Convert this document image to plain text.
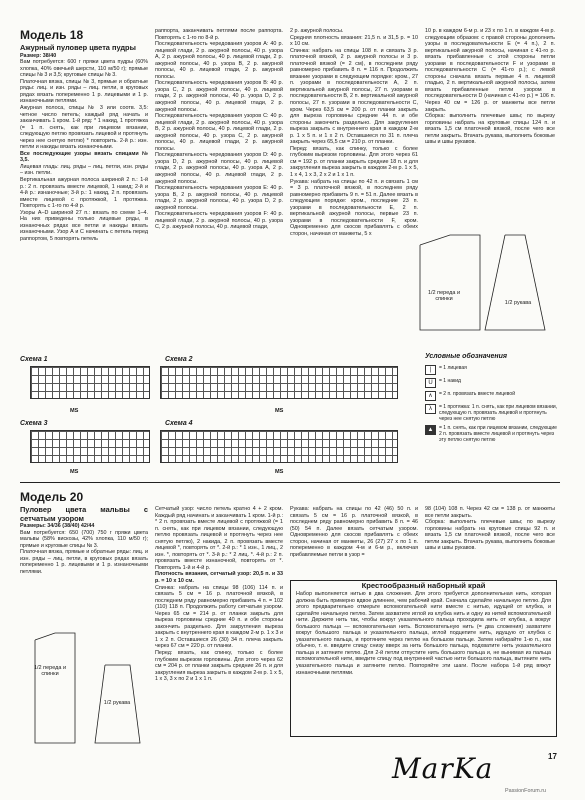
Модель 18
Ажурный пуловер цвета пудры

Размер: 38/40

Вам потребуется: 600 г пряжи цвета пудры (60% хлопка, 40% овечьей шерсти, 110 м/50 г); прямые спицы № 3 и 3,5; круговые спицы № 3.

Платочная вязка, спицы № 3, прямые и обратные ряды: лиц. и изн. ряды – лиц. петли, в круговых рядах вязать попеременно 1 р. лицевыми и 1 р. изнаночными петлями.

Ажурная полоса, спицы № 3 или соотв. 3,5: четное число петель; каждый ряд начать и заканчивать 1 кром. 1-й ряд: * 1 накид, 1 протяжка (= 1 п. снять, как при лицевом вязании, следующую петлю провязать лицевой и протянуть через нее снятую петлю) * повторить. 2-й р.: изн. петли и накиды вязать изнаночными.

Все последующие узоры вязать спицами № 3,5.

Лицевая гладь: лиц. ряды – лиц. петли, изн. ряды – изн. петли.

Вертикальная ажурная полоса шириной 2 п.: 1-й р.: 2 п. провязать вместе лицевой, 1 накид; 2-й и 4-й р.: изнаночные; 3-й р.: 1 накид, 2 п. провязать вместе лицевой с протяжкой, 1 протяжка. Повторять с 1-го по 4-й р.

Узоры А–D шириной 27 п.: вязать по схеме 1–4. На них приведены только лицевые ряды, в изнаночных рядах все петли и накиды вязать изнаночными. Узор А и С начинать с петель перед раппортом, 5 повторять петель

раппорта, заканчивать петлями после раппорта. Повторять с 1-го по 8-й р.

Последовательность чередования узоров А: 40 р. лицевой глади, 2 р. ажурной полосы, 40 р. узора А, 2 р. ажурной полосы, 40 р. лицевой глади, 2 р. ажурной полосы, 40 р. узора В, 2 р. ажурной полосы, 40 р. лицевой глади, 2 р. ажурной полосы.

Последовательность чередования узоров В: 40 р. узора С, 2 р. ажурной полосы, 40 р. лицевой глади, 2 р. ажурной полосы, 40 р. узора D, 2 р. ажурной полосы, 40 р. лицевой глади, 2 р. ажурной полосы.

Последовательность чередования узоров С: 40 р. лицевой глади, 2 р. ажурной полосы, 40 р. узора В, 2 р. ажурной полосы, 40 р. лицевой глади, 2 р. ажурной полосы, 40 р. узора С, 2 р. ажурной полосы, 40 р. лицевой глади, 2 р. ажурной полосы.

Последовательность чередования узоров D: 40 р. узора D, 2 р. ажурной полосы, 40 р. лицевой глади, 2 р. ажурной полосы, 40 р. узора А, 2 р. ажурной полосы, 40 р. лицевой глади, 2 р. ажурной полосы.

Последовательность чередования узоров Е: 40 р. узора В, 2 р. ажурной полосы, 40 р. лицевой глади, 2 р. ажурной полосы, 40 р. узора D, 2 р. ажурной полосы.

Последовательность чередования узоров F: 40 р. лицевой глади, 2 р. ажурной полосы, 40 р. узора С, 2 р. ажурной полосы, 40 р. лицевой глади,

2 р. ажурной полосы.

Средняя плотность вязания: 21,5 п. и 31,5 р. = 10 х 10 см.

Спинка: набрать на спицы 108 п. и связать 3 р. платочной вязкой, 2 р. ажурной полосы и 3 р. платочной вязкой (= 2 см), в последнем ряду равномерно прибавить 8 п. = 116 п. Продолжить вязание узорами в следующем порядке: кром., 27 п. узорами в последовательности А, 2 п. вертикальной ажурной полосы, 27 п. узорами в последовательности В, 2 п. вертикальной ажурной полосы, 27 п. узорами в последовательности С, кром. Через 63,5 см = 200 р. от планки закрыть для выреза горловины средние 44 п. и обе стороны закончить раздельно. Для закругления выреза закрыть с внутреннего края в каждом 2-м р. 1 х 5 п. и 1 х 2 п. Оставшиеся по 31 п. плеча закрыть через 65,5 см = 210 р. от планки.

Перед: вязать, как спинку, только с более глубоким вырезом горловины. Для этого через 61 см = 192 р. от планки закрыть средние 18 п. и для закругления выреза закрыть в каждом 2-м р. 1 х 5, 1 х 4, 1 х 3, 2 х 2 и 1 х 1 п.

Рукава: набрать на спицы по 42 п. и связать 1 см = 3 р. платочной вязкой, в последнем ряду равномерно прибавить 9 п. = 51 п. Далее вязать в следующем порядке: кром., последние 23 п. узорами в последовательности Е, 2 п. вертикальной ажурной полосы, первые 23 п. узорами в последовательности F, кром. Одновременно для скосов прибавлять с обеих сторон, начиная от манжеты, 5 х

10 р. в каждом 6-м р. и 23 х по 1 п. в каждом 4-м р. следующим образом: с правой стороны дополнить узоры в последовательности E (= 4 п.), 2 п. вертикальной ажурной полосы, начиная с 41-го р. вязать прибавленные с этой стороны петли узорами в последовательности F и узорами в последовательности С (= 41-го р.); с левой стороны сначала вязать первые 4 п. лицевой гладью, 2 п. вертикальной ажурной полосы, затем вязать прибавленные петли узором в последовательности D (начиная с 41-го р.) = 106 п. Через 40 см = 126 р. от манжеты все петли закрыть.

Сборка: выполнить плечевые швы; по вырезу горловины набрать на круговые спицы 124 п. и вязать 1,5 см платочной вязкой, после чего все петли закрыть. Втачать рукава, выполнить боковые швы и швы рукавов.

1/2 переда и спинки
1/2 рукава
Схема 1
MS
Схема 2
MS
Схема 3
MS
Схема 4
MS
Условные обозначения
|	= 1 лицевая
U	= 1 накид
∧	= 2 п. провязать вместе лицевой
λ	= 1 протяжка: 1 п. снять, как при лицевом вязании, следующую п. провязать лицевой и протянуть через нее снятую петлю
▲	= 1 п. снять, как при лицевом вязании, следующие 2 п. провязать вместе лицевой и протянуть через эту петлю снятую петлю
Модель 20
Пуловер цвета мальвы с сетчатым узором

Размеры: 34/36 (38/40) 42/44

Вам потребуется: 650 (700) 750 г пряжи цвета мальвы (58% вискозы, 42% хлопка, 110 м/50 г); прямые и круговые спицы № 3.

Платочная вязка, прямые и обратные ряды: лиц. и изн. ряды – лиц. петли, в круговых рядах вязать попеременно 1 р. лицевыми и 1 р. изнаночными петлями.

1/2 переда и спинки
1/2 рукава

Сетчатый узор: число петель кратно 4 + 2 кром. Каждый ряд начинать и заканчивать 1 кром. 1-й р.: * 2 п. провязать вместе лицевой с протяжкой (= 1 п. снять, как при лицевом вязании, следующую петлю провязать лицевой и протянуть через нее снятую петлю), 2 накида, 2 п. провязать вместе лицевой *, повторять от *. 2-й р.: * 1 изн., 1 лиц., 2 изн. *, повторять от *. 3-й р.: * 2 лиц. *. 4-й р.: 2 п. провязать вместе изнаночной, повторять от *. Повторять 1-й и 4-й р.

Плотность вязания, сетчатый узор: 20,5 п. и 33 р. = 10 х 10 см.

Спинка: набрать на спицы 98 (106) 114 п. и связать 5 см = 16 р. платочной вязкой, в последнем ряду равномерно прибавить 4 п. = 102 (110) 118 п. Продолжить работу сетчатым узором. Через 65 см = 214 р. от планки закрыть для выреза горловины средние 40 п. и обе стороны закончить раздельно. Для закругления выреза закрыть с внутреннего края в каждом 2-м р. 1 х 3 и 1 х 2 п. Оставшиеся 26 (30) 34 п. плеча закрыть через 67 см = 220 р. от планки.

Перед: вязать, как спинку, только с более глубоким вырезом горловины. Для этого через 62 см = 204 р. от планки закрыть средние 26 п. и для закругления выреза закрыть в каждом 2-м р. 1 х 5, 1 х 3, 3 х по 2 и 1 х 1 п.

Рукава: набрать на спицы по 42 (46) 50 п. и связать 5 см = 16 р. платочной вязкой, в последнем ряду равномерно прибавить 8 п. = 46 (50) 54 п. Далее вязать сетчатым узором. Одновременно для скосов прибавлять с обеих сторон, начиная от манжеты, 26 (27) 27 х по 1 п. попеременно в каждом 4-м и 6-м р., включая прибавляемые петли в узор =

98 (104) 108 п. Через 42 см = 138 р. от манжеты все петли закрыть.

Сборка: выполнить плечевые швы; по вырезу горловины набрать на круговые спицы 92 п. и вязать 1,5 см платочной вязкой, после чего все петли закрыть. Втачать рукава, выполнить боковые швы и швы рукавов.

Крестообразный наборный край
Набор выполняется нитью в два сложения. Для этого требуется дополнительная нить, которая должна быть примерно вдвое длиннее, чем рабочий край. Сначала сделайте начальную петлю. Для этого предварительно отмерьте вспомогательной нити вместе с нитью, идущей от клубка, и сделайте начальную петлю. Затем захватите иглой из клубка нить и одну из нитей вспомогательной нити. Держите нить так, чтобы вокруг указательного пальца проходила нить от клубка, а вокруг большого пальца — вспомогательная нить. Вспомогательную нить (= два сложения) захватите вокруг большого пальца и указательного пальца, иглой подцепите нить, идущую от клубка с указательного пальца, и протяните через петлю на большом пальце. Затем набирайте 1-ю п., как обычно, т. е. введите спицу снизу вверх за нить большого пальца, подхватите нить указательного пальца и затяните петлю. Для 2-й петли отпустите нить большого пальца и, не вынимая из пальца вспомогательной нити, введите спицу под внутренней частью нити большого пальца, вытяните нить указательного пальца и затяните петлю. Повторяйте эти шаги. После набора 1-й ряд вяжут изнаночными петлями.
17
MarKa
PassionForum.ru
